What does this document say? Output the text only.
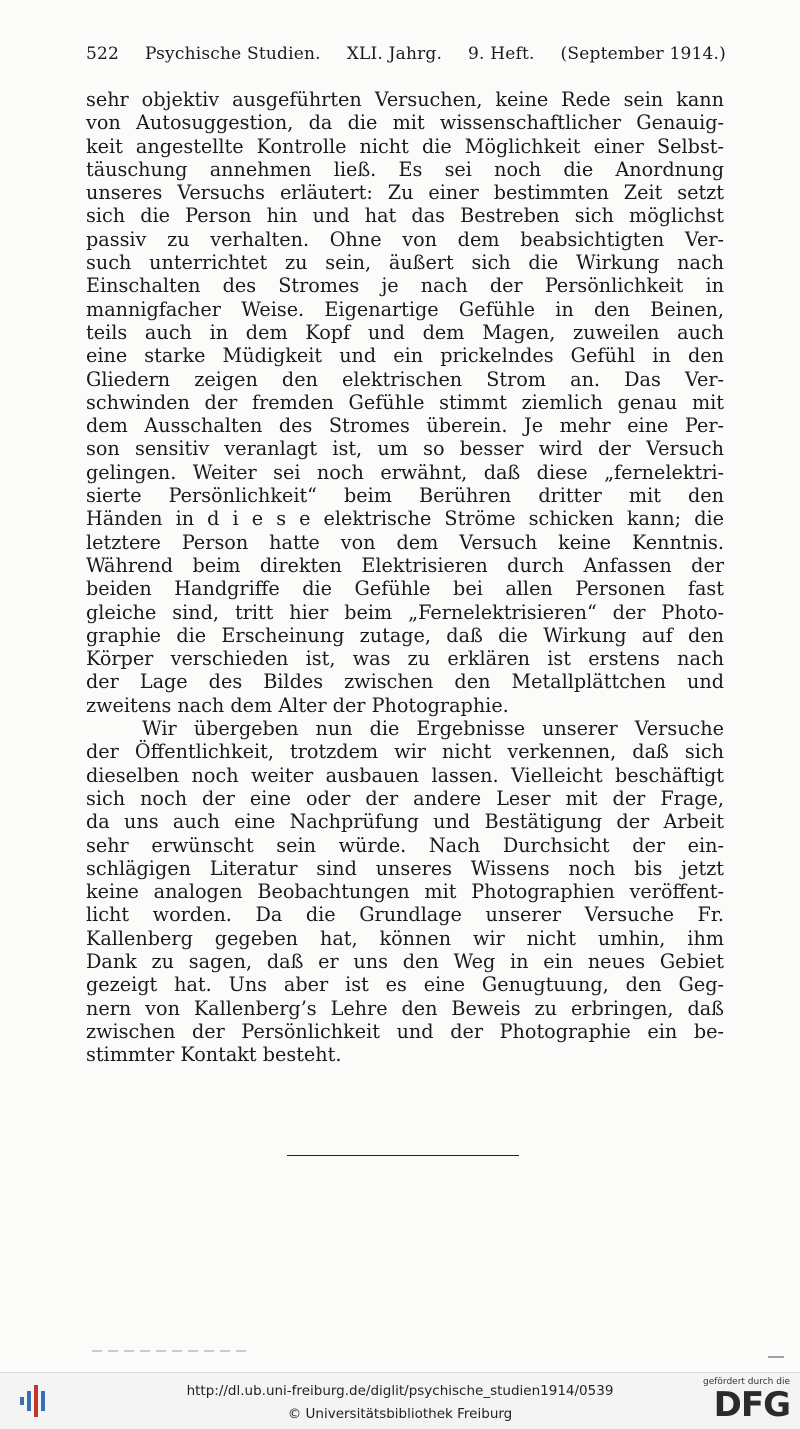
522 Psychische Studien. XLI. Jahrg. 9. Heft. (September 1914.)
sehr objektiv ausgeführten Versuchen, keine Rede sein kann
von Autosuggestion, da die mit wissenschaftlicher Genauig-
keit angestellte Kontrolle nicht die Möglichkeit einer Selbst-
täuschung annehmen ließ. Es sei noch die Anordnung
unseres Versuchs erläutert: Zu einer bestimmten Zeit setzt
sich die Person hin und hat das Bestreben sich möglichst
passiv zu verhalten. Ohne von dem beabsichtigten Ver-
such unterrichtet zu sein, äußert sich die Wirkung nach
Einschalten des Stromes je nach der Persönlichkeit in
mannigfacher Weise. Eigenartige Gefühle in den Beinen,
teils auch in dem Kopf und dem Magen, zuweilen auch
eine starke Müdigkeit und ein prickelndes Gefühl in den
Gliedern zeigen den elektrischen Strom an. Das Ver-
schwinden der fremden Gefühle stimmt ziemlich genau mit
dem Ausschalten des Stromes überein. Je mehr eine Per-
son sensitiv veranlagt ist, um so besser wird der Versuch
gelingen. Weiter sei noch erwähnt, daß diese „fernelektri-
sierte Persönlichkeit“ beim Berühren dritter mit den
Händen in d i e s e elektrische Ströme schicken kann; die
letztere Person hatte von dem Versuch keine Kenntnis.
Während beim direkten Elektrisieren durch Anfassen der
beiden Handgriffe die Gefühle bei allen Personen fast
gleiche sind, tritt hier beim „Fernelektrisieren“ der Photo-
graphie die Erscheinung zutage, daß die Wirkung auf den
Körper verschieden ist, was zu erklären ist erstens nach
der Lage des Bildes zwischen den Metallplättchen und
zweitens nach dem Alter der Photographie.
Wir übergeben nun die Ergebnisse unserer Versuche
der Öffentlichkeit, trotzdem wir nicht verkennen, daß sich
dieselben noch weiter ausbauen lassen. Vielleicht beschäftigt
sich noch der eine oder der andere Leser mit der Frage,
da uns auch eine Nachprüfung und Bestätigung der Arbeit
sehr erwünscht sein würde. Nach Durchsicht der ein-
schlägigen Literatur sind unseres Wissens noch bis jetzt
keine analogen Beobachtungen mit Photographien veröffent-
licht worden. Da die Grundlage unserer Versuche Fr.
Kallenberg gegeben hat, können wir nicht umhin, ihm
Dank zu sagen, daß er uns den Weg in ein neues Gebiet
gezeigt hat. Uns aber ist es eine Genugtuung, den Geg-
nern von Kallenberg’s Lehre den Beweis zu erbringen, daß
zwischen der Persönlichkeit und der Photographie ein be-
stimmter Kontakt besteht.
http://dl.ub.uni-freiburg.de/diglit/psychische_studien1914/0539
© Universitätsbibliothek Freiburg
gefördert durch die
DFG
